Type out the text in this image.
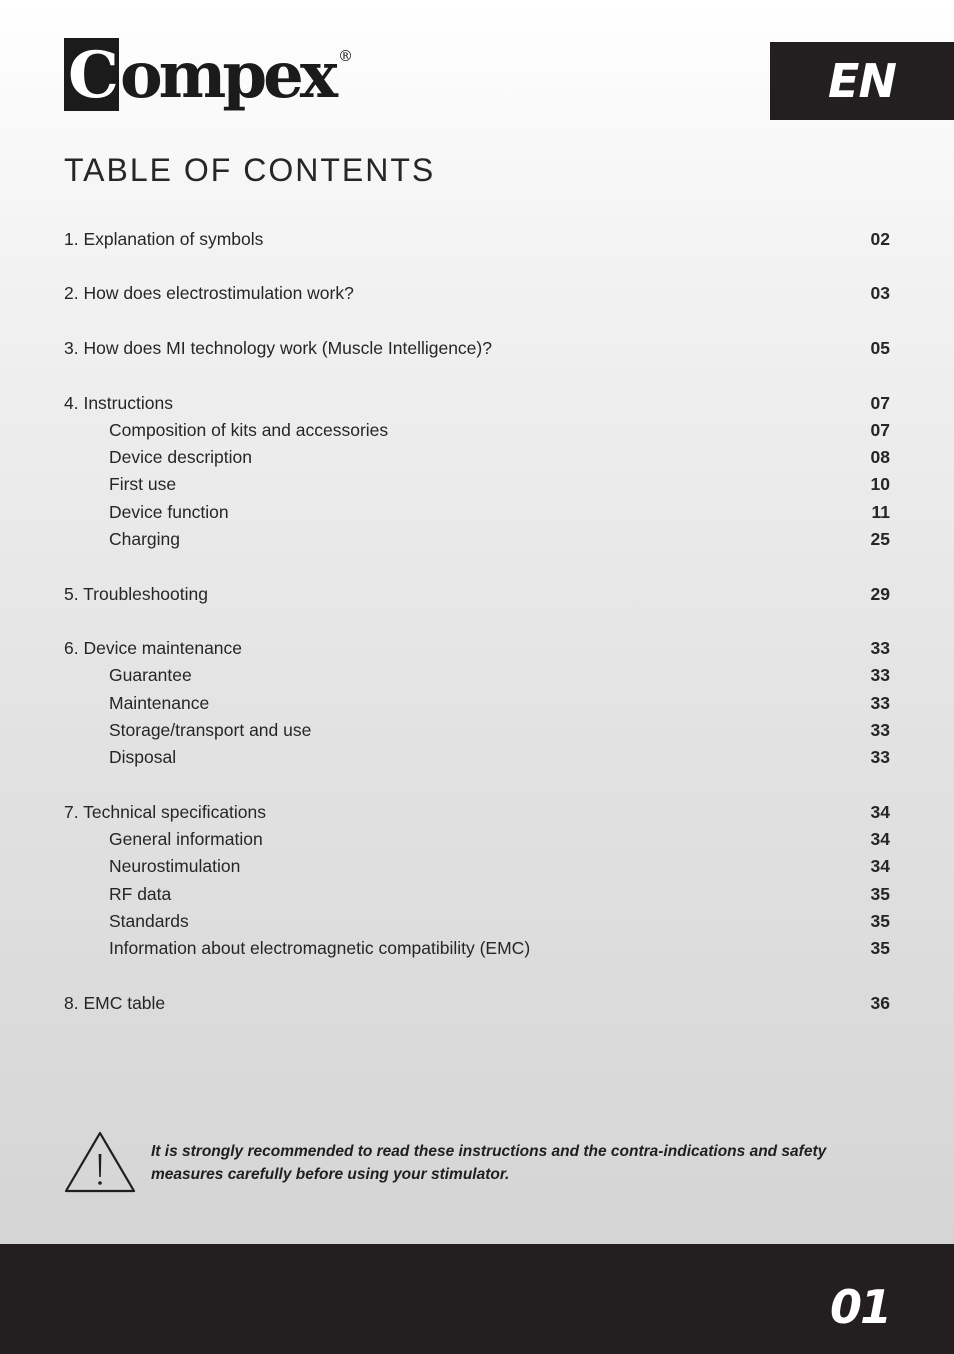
Compex ®	EN
TABLE OF CONTENTS
1. Explanation of symbols	02
2. How does electrostimulation work?	03
3. How does MI technology work (Muscle Intelligence)?	05
4. Instructions	07
Composition of kits and accessories	07
Device description	08
First use	10
Device function	11
Charging	25
5. Troubleshooting	29
6. Device maintenance	33
Guarantee	33
Maintenance	33
Storage/transport and use	33
Disposal	33
7. Technical specifications	34
General information	34
Neurostimulation	34
RF data	35
Standards	35
Information about electromagnetic compatibility (EMC)	35
8. EMC table	36
It is strongly recommended to read these instructions and the contra-indications and safety measures carefully before using your stimulator.
01
